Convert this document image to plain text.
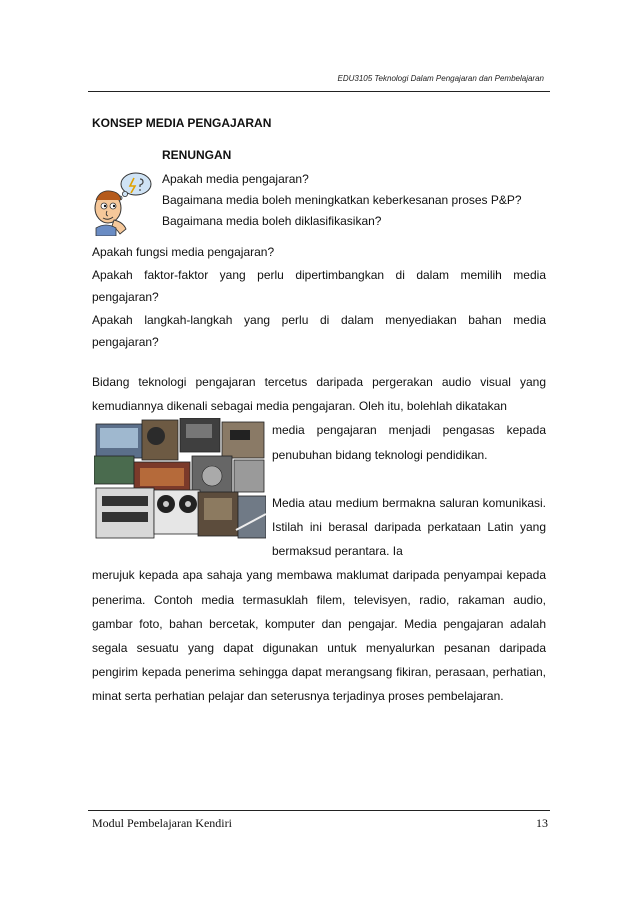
EDU3105 Teknologi Dalam Pengajaran dan Pembelajaran
KONSEP MEDIA PENGAJARAN
RENUNGAN
Apakah media pengajaran?
Bagaimana media boleh meningkatkan keberkesanan proses P&P?
Bagaimana media boleh diklasifikasikan?
Apakah fungsi media pengajaran?
Apakah faktor-faktor yang perlu dipertimbangkan di dalam memilih media pengajaran?
Apakah langkah-langkah yang perlu di dalam menyediakan bahan media pengajaran?
Bidang teknologi pengajaran tercetus daripada pergerakan audio visual yang kemudiannya dikenali sebagai media pengajaran. Oleh itu, bolehlah dikatakan
media pengajaran menjadi pengasas kepada penubuhan bidang teknologi pendidikan.
Media atau medium bermakna saluran komunikasi. Istilah ini berasal daripada perkataan Latin yang bermaksud perantara. Ia
merujuk kepada apa sahaja yang membawa maklumat daripada penyampai kepada penerima. Contoh media termasuklah filem, televisyen, radio, rakaman audio, gambar foto, bahan bercetak, komputer dan pengajar. Media pengajaran adalah segala sesuatu yang dapat digunakan untuk menyalurkan pesanan daripada pengirim kepada penerima sehingga dapat merangsang fikiran, perasaan, perhatian, minat serta perhatian pelajar dan seterusnya terjadinya proses pembelajaran.
Modul Pembelajaran Kendiri	13
